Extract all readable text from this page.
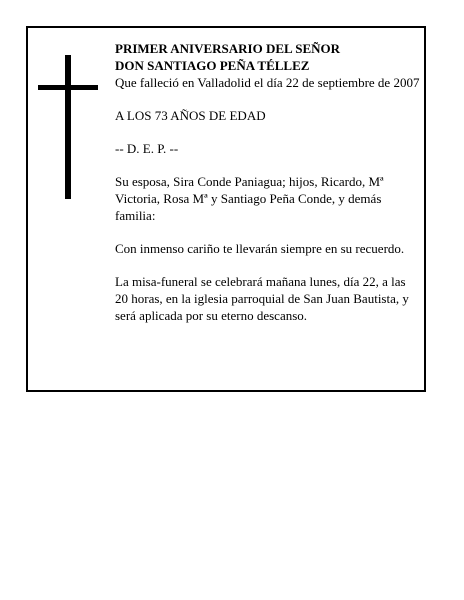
PRIMER ANIVERSARIO DEL SEÑOR

DON SANTIAGO PEÑA TÉLLEZ

Que falleció en Valladolid el día 22 de septiembre de 2007

A LOS 73 AÑOS DE EDAD

-- D. E. P. --

Su esposa, Sira Conde Paniagua; hijos, Ricardo, Mª Victoria, Rosa Mª y Santiago Peña Conde, y demás familia:

Con inmenso cariño te llevarán siempre en su recuerdo.

La misa-funeral se celebrará mañana lunes, día 22, a las 20 horas, en la iglesia parroquial de San Juan Bautista, y será aplicada por su eterno descanso.
